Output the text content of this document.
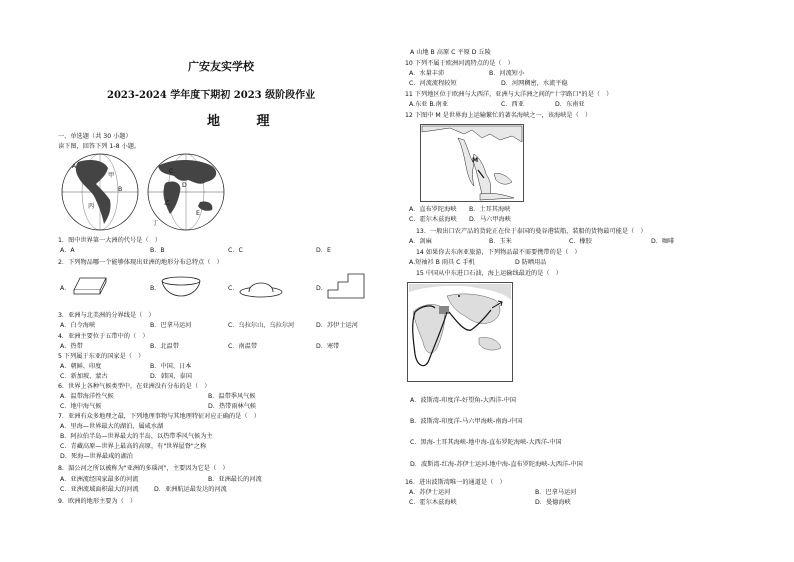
广安友实学校
2023-2024 学年度下期初 2023 级阶段作业
地 理
一、单选题（共 30 小题）
读下图，回答下列 1-8 小题。
A
甲
B
丙
C
D
乙
E
丁
1．图中世界第一大洲的代号是（　）
A．A	B．B	C．C	D．E
2．下列物品哪一个能够体现出亚洲的地形分布总特点（　）
A．	B．	C．	D．
3．亚洲与北美洲的分界线是（　）
A．白令海峡	B．巴拿马运河	C．乌拉尔山、乌拉尔河	D．苏伊士运河
4．亚洲主要位于五带中的（　）
A．热带	B．北温带	C．南温带	D．寒带
5 下列属于东亚的国家是（　）
A．朝鲜、印度	B．中国、日本
C．新加坡、蒙古	D．韩国、泰国
6．世界上各种气候类型中，在亚洲没有分布的是（　）
A．温带海洋性气候	B．温带季风气候
C．地中海气候	D．热带雨林气候
7．亚洲有众多地理之最，下列地理事物与其地理特征对应正确的是（　）
A．里海—世界最大的湖泊，属咸水湖
B．阿拉伯半岛—世界最大的半岛，以热带季风气候为主
C．青藏高原—世界上最高的高原，有"世界屋脊"之称
D．死海—世界最咸的湖泊
8．湄公河之所以被称为"亚洲的多瑙河"，主要因为它是（　）
A．亚洲流经国家最多的河流	B．亚洲最长的河流
C．亚洲流域面积最大的河流 D．亚洲航运最发达的河流
9．欧洲的地形主要为（　）
A 山地 B 高原 C 平原 D 丘陵
10 下列不属于欧洲河流特点的是（　）
A．水量丰沛	B．河流短小
C．河流流程较短	D．河网稠密，水流平稳
11 下列地区位于欧洲与大西洋，亚洲与大洋洲之间的"十字路口"的是（　）
A.东亚 B.南亚	C．西亚	D．东南亚
12 下图中 M 是世界海上运输繁忙的著名海峡之一，该海峡是（　）
M
A．直布罗陀海峡 B．土耳其海峡
C．霍尔木兹海峡 D．马六甲海峡
13．一般出口农产品的货轮正在位于泰国的曼谷港装船，装船的货物最可能是（　）
A．剑麻	B．玉米	C．橡胶	D．咖啡
14 如果你去东南亚旅游，下列物品最不需要携带的是（　）
A.短袖衫 B 雨具 C 手机	D 防晒用品
15 中国从中东进口石油，海上运输线最近的是（　）
A．波斯湾-印度洋-好望角-大西洋-中国
B．波斯湾-印度洋-马六甲海峡-南海-中国
C．黑海-土耳其海峡-地中海-直布罗陀海峡-大西洋-中国
D．波斯湾-红海-苏伊士运河-地中海-直布罗陀海峡-大西洋-中国
16．进出波斯湾唯一的通道是（　）
A．苏伊士运河	B．巴拿马运河
C．霍尔木兹海峡	D．曼德海峡
